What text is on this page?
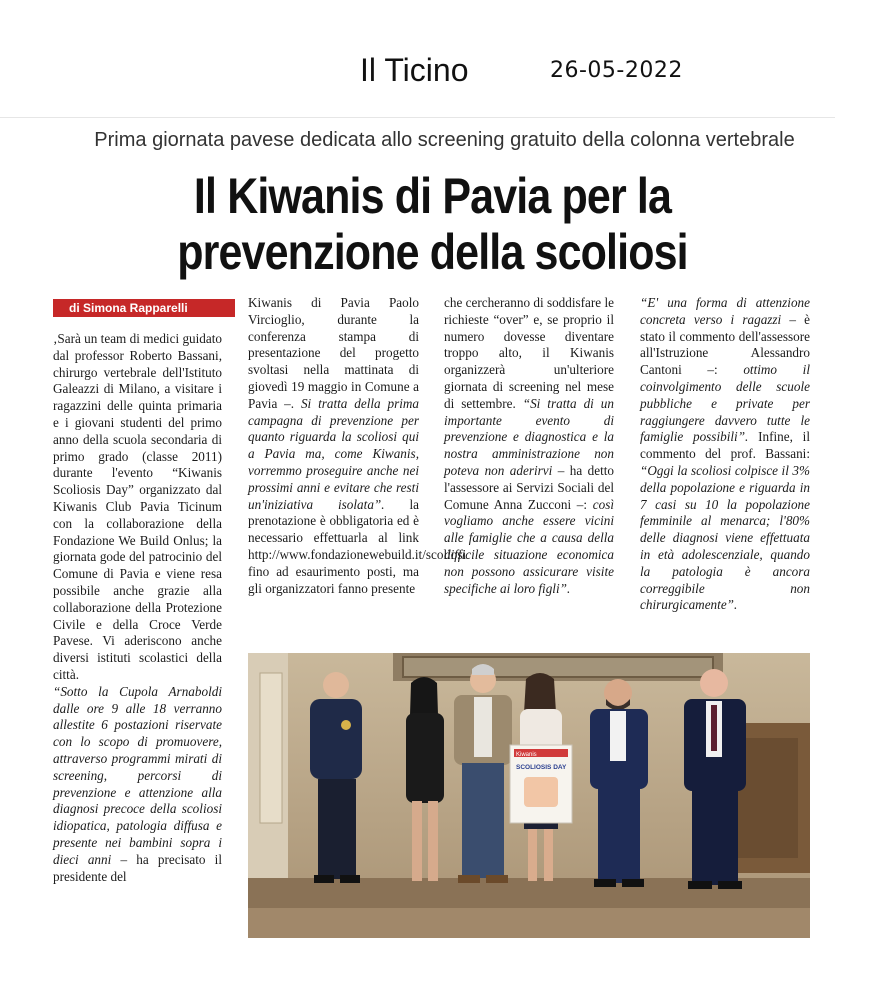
Il Ticino	26-05-2022
Prima giornata pavese dedicata allo screening gratuito della colonna vertebrale
Il Kiwanis di Pavia per la
prevenzione della scoliosi
di Simona Rapparelli

‚Sarà un team di medici guidato dal professor Roberto Bassani, chirurgo vertebrale dell'Istituto Galeazzi di Milano, a visitare i ragazzini delle quinta primaria e i giovani studenti del primo anno della scuola secondaria di primo grado (classe 2011) durante l'evento “Kiwanis Scoliosis Day” organizzato dal Kiwanis Club Pavia Ticinum con la collaborazione della Fondazione We Build Onlus; la giornata gode del patrocinio del Comune di Pavia e viene resa possibile anche grazie alla collaborazione della Protezione Civile e della Croce Verde Pavese. Vi aderiscono anche diversi istituti scolastici della città.

“Sotto la Cupola Arnaboldi dalle ore 9 alle 18 verranno allestite 6 postazioni riservate con lo scopo di promuovere, attraverso programmi mirati di screening, percorsi di prevenzione e attenzione alla diagnosi precoce della scoliosi idiopatica, patologia diffusa e presente nei bambini sopra i dieci anni – ha precisato il presidente del

Kiwanis di Pavia Paolo Vircioglio, durante la conferenza stampa di presentazione del progetto svoltasi nella mattinata di giovedì 19 maggio in Comune a Pavia –. Si tratta della prima campagna di prevenzione per quanto riguarda la scoliosi qui a Pavia ma, come Kiwanis, vorremmo proseguire anche nei prossimi anni e evitare che resti un'iniziativa isolata”. la prenotazione è obbligatoria ed è necessario effettuarla al link http://www.fondazionewebuild.it/scoliosi fino ad esaurimento posti, ma gli organizzatori fanno presente

che cercheranno di soddisfare le richieste “over” e, se proprio il numero dovesse diventare troppo alto, il Kiwanis organizzerà un'ulteriore giornata di screening nel mese di settembre. “Si tratta di un importante evento di prevenzione e diagnostica e la nostra amministrazione non poteva non aderirvi – ha detto l'assessore ai Servizi Sociali del Comune Anna Zucconi –: così vogliamo anche essere vicini alle famiglie che a causa della difficile situazione economica non possono assicurare visite specifiche ai loro figli”.

“E' una forma di attenzione concreta verso i ragazzi – è stato il commento dell'assessore all'Istruzione Alessandro Cantoni –: ottimo il coinvolgimento delle scuole pubbliche e private per raggiungere davvero tutte le famiglie possibili”. Infine, il commento del prof. Bassani: “Oggi la scoliosi colpisce il 3% della popolazione e riguarda in 7 casi su 10 la popolazione femminile al menarca; l'80% delle diagnosi viene effettuata in età adolescenziale, quando la patologia è ancora correggibile non chirurgicamente”.

Kiwanis
SCOLIOSIS DAY
